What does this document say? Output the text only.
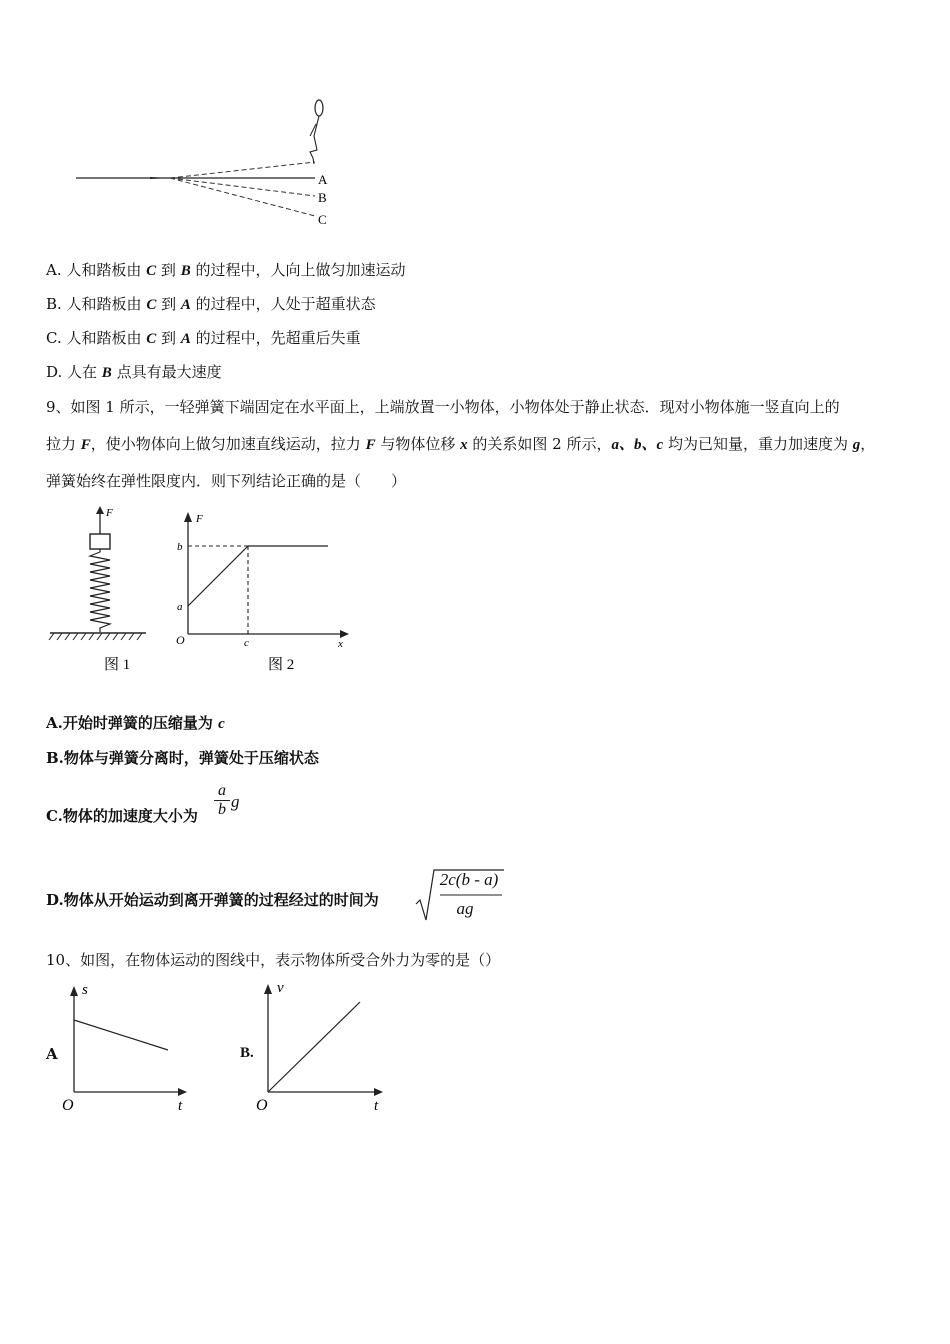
A
B
C
A. 人和踏板由 C 到 B 的过程中，人向上做匀加速运动
B. 人和踏板由 C 到 A 的过程中，人处于超重状态
C. 人和踏板由 C 到 A 的过程中，先超重后失重
D. 人在 B 点具有最大速度
9、如图 1 所示，一轻弹簧下端固定在水平面上，上端放置一小物体，小物体处于静止状态．现对小物体施一竖直向上的
拉力 F，使小物体向上做匀加速直线运动，拉力 F 与物体位移 x 的关系如图 2 所示，a、b、c 均为已知量，重力加速度为 g，
弹簧始终在弹性限度内．则下列结论正确的是（　　）
F
图 1
F
x
O
a
b
c
图 2
A.开始时弹簧的压缩量为 c
B.物体与弹簧分离时，弹簧处于压缩状态
C.物体的加速度大小为
a
b g
D.物体从开始运动到离开弹簧的过程经过的时间为
2c(b - a)
ag
10、如图，在物体运动的图线中，表示物体所受合外力为零的是（）
A
s
t
O
B.
v
t
O
